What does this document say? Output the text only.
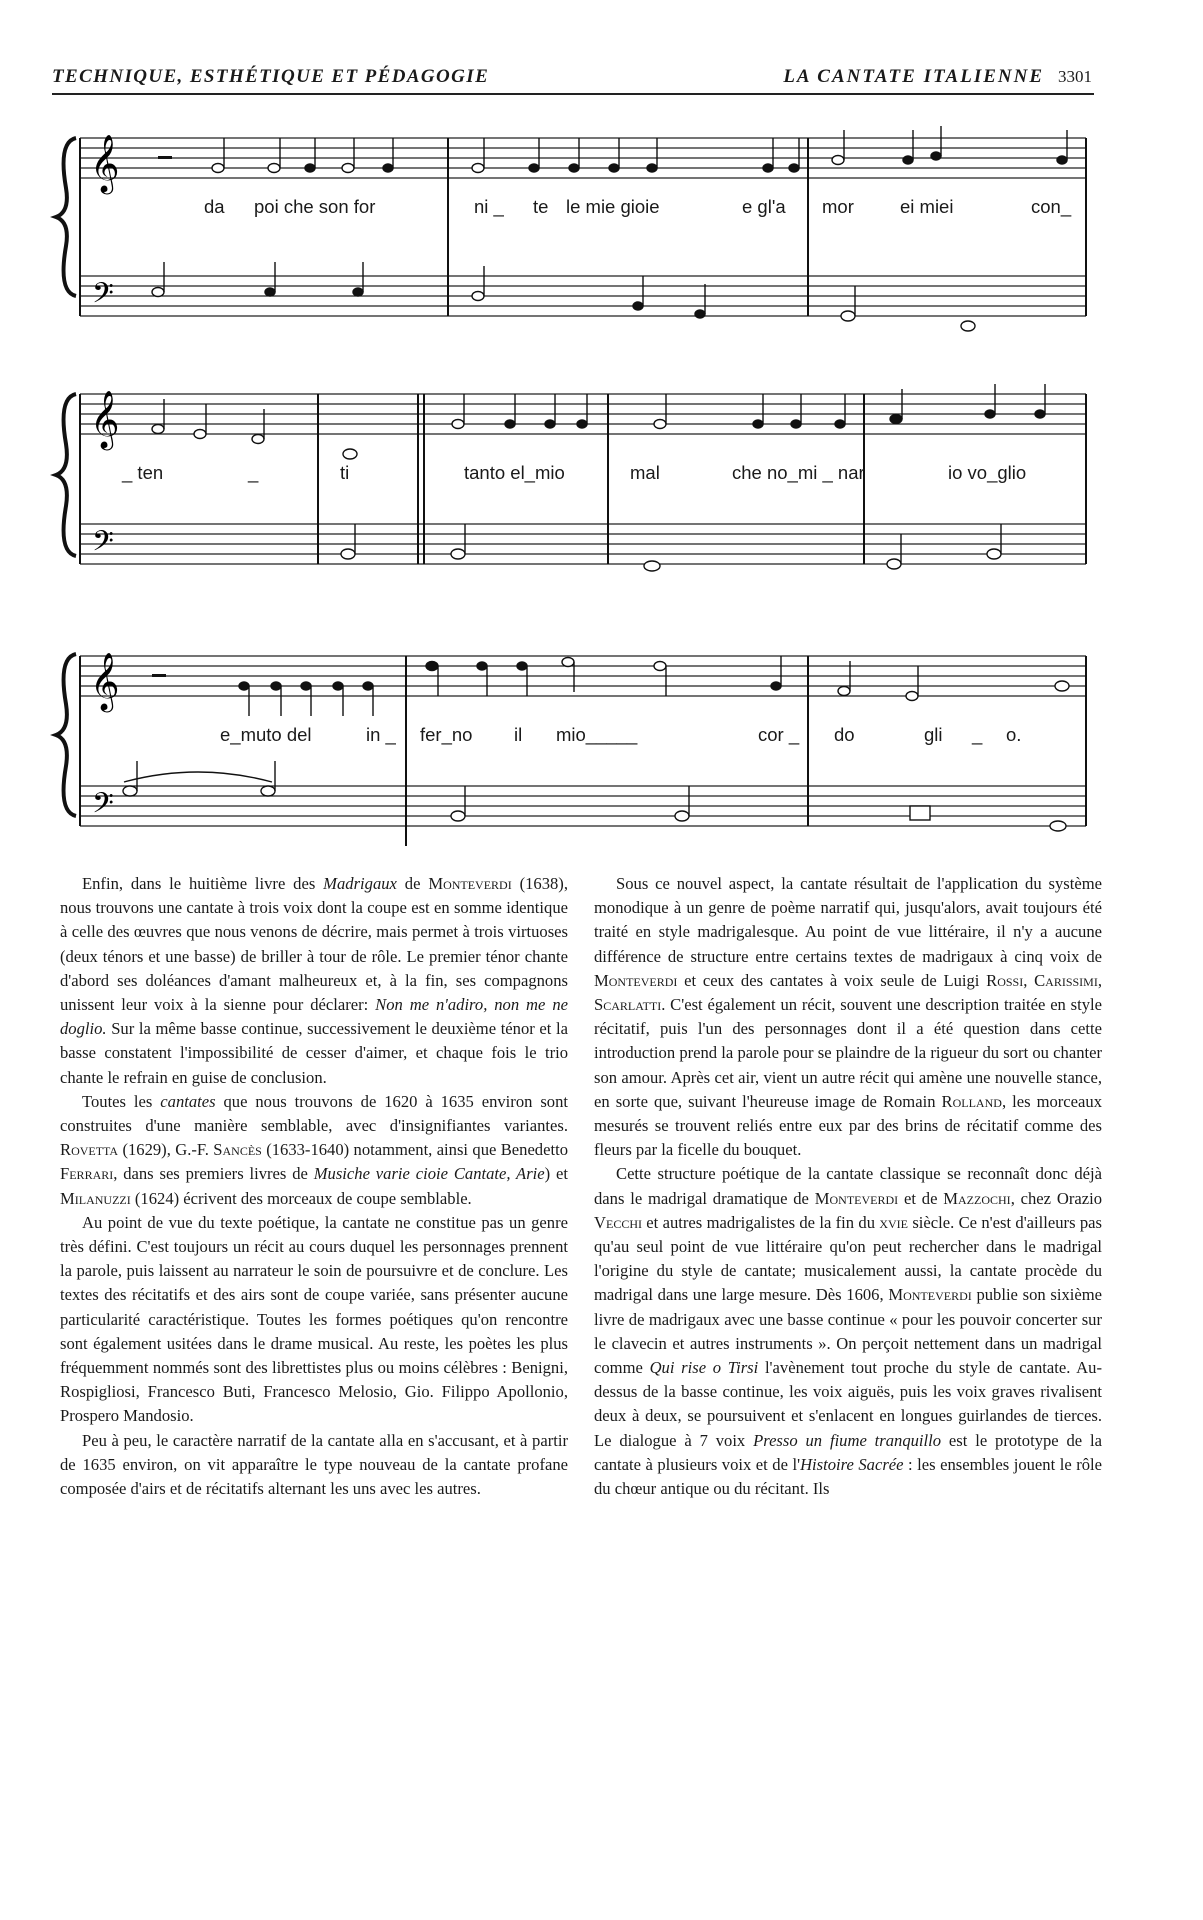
TECHNIQUE, ESTHÉTIQUE ET PÉDAGOGIE	LA CANTATE ITALIENNE 3301
𝄞
𝄢
da poi che son for	ni _ te le mie gioie	e gl'a mor ei miei	con_
𝄞
𝄢
_ ten	_	ti	tanto el_mio	mal	che no_mi _ nar	io vo_glio
𝄞
𝄢
e_muto del	in _ fer_no il mio_____	cor _ do	gli _ o.

Enfin, dans le huitième livre des Madrigaux de Monteverdi (1638), nous trouvons une cantate à trois voix dont la coupe est en somme identique à celle des œuvres que nous venons de décrire, mais permet à trois virtuoses (deux ténors et une basse) de briller à tour de rôle. Le premier ténor chante d'abord ses doléances d'amant malheureux et, à la fin, ses compagnons unissent leur voix à la sienne pour déclarer: Non me n'adiro, non me ne doglio. Sur la même basse continue, successivement le deuxième ténor et la basse constatent l'impossibilité de cesser d'aimer, et chaque fois le trio chante le refrain en guise de conclusion.

Toutes les cantates que nous trouvons de 1620 à 1635 environ sont construites d'une manière semblable, avec d'insignifiantes variantes. Rovetta (1629), G.-F. Sancès (1633-1640) notamment, ainsi que Benedetto Ferrari, dans ses premiers livres de Musiche varie cioie Cantate, Arie) et Milanuzzi (1624) écrivent des morceaux de coupe semblable.

Au point de vue du texte poétique, la cantate ne constitue pas un genre très défini. C'est toujours un récit au cours duquel les personnages prennent la parole, puis laissent au narrateur le soin de poursuivre et de conclure. Les textes des récitatifs et des airs sont de coupe variée, sans présenter aucune particularité caractéristique. Toutes les formes poétiques qu'on rencontre sont également usitées dans le drame musical. Au reste, les poètes les plus fréquemment nommés sont des librettistes plus ou moins célèbres : Benigni, Rospigliosi, Francesco Buti, Francesco Melosio, Gio. Filippo Apollonio, Prospero Mandosio.

Peu à peu, le caractère narratif de la cantate alla en s'accusant, et à partir de 1635 environ, on vit apparaître le type nouveau de la cantate profane composée d'airs et de récitatifs alternant les uns avec les autres.

Sous ce nouvel aspect, la cantate résultait de l'application du système monodique à un genre de poème narratif qui, jusqu'alors, avait toujours été traité en style madrigalesque. Au point de vue littéraire, il n'y a aucune différence de structure entre certains textes de madrigaux à cinq voix de Monteverdi et ceux des cantates à voix seule de Luigi Rossi, Carissimi, Scarlatti. C'est également un récit, souvent une description traitée en style récitatif, puis l'un des personnages dont il a été question dans cette introduction prend la parole pour se plaindre de la rigueur du sort ou chanter son amour. Après cet air, vient un autre récit qui amène une nouvelle stance, en sorte que, suivant l'heureuse image de Romain Rolland, les morceaux mesurés se trouvent reliés entre eux par des brins de récitatif comme des fleurs par la ficelle du bouquet.

Cette structure poétique de la cantate classique se reconnaît donc déjà dans le madrigal dramatique de Monteverdi et de Mazzochi, chez Orazio Vecchi et autres madrigalistes de la fin du xvie siècle. Ce n'est d'ailleurs pas qu'au seul point de vue littéraire qu'on peut rechercher dans le madrigal l'origine du style de cantate; musicalement aussi, la cantate procède du madrigal dans une large mesure. Dès 1606, Monteverdi publie son sixième livre de madrigaux avec une basse continue « pour les pouvoir concerter sur le clavecin et autres instruments ». On perçoit nettement dans un madrigal comme Qui rise o Tirsi l'avènement tout proche du style de cantate. Au-dessus de la basse continue, les voix aiguës, puis les voix graves rivalisent deux à deux, se poursuivent et s'enlacent en longues guirlandes de tierces. Le dialogue à 7 voix Presso un fiume tranquillo est le prototype de la cantate à plusieurs voix et de l'Histoire Sacrée : les ensembles jouent le rôle du chœur antique ou du récitant. Ils
